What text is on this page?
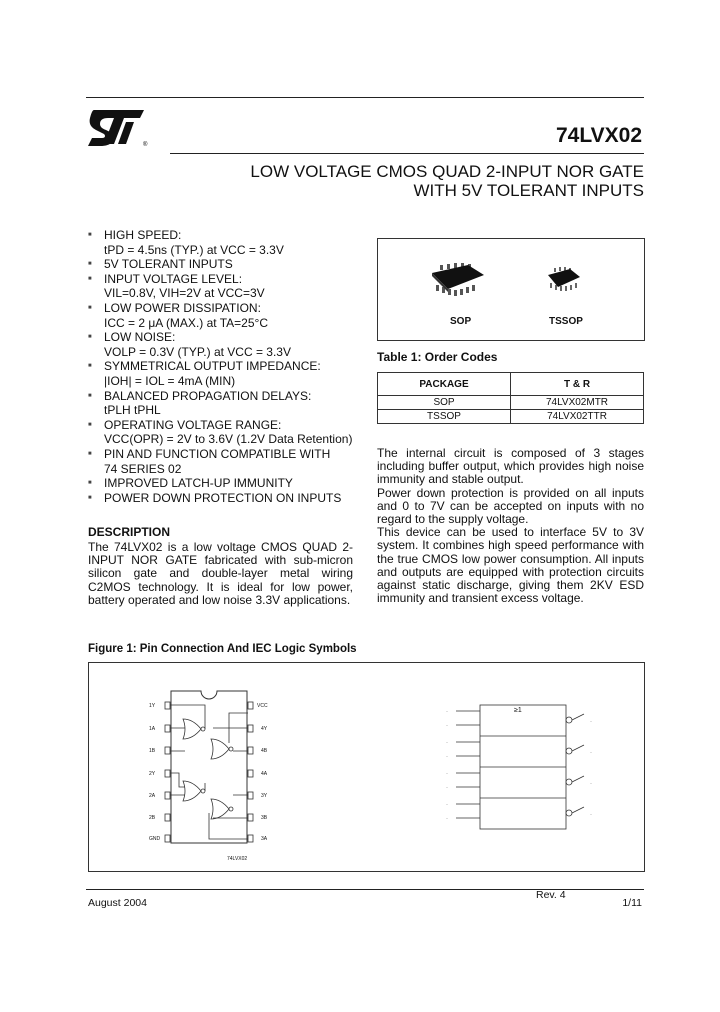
®	74LVX02
LOW VOLTAGE CMOS QUAD 2-INPUT NOR GATE
WITH 5V TOLERANT INPUTS
■	HIGH SPEED:
tPD = 4.5ns (TYP.) at VCC = 3.3V
■	5V TOLERANT INPUTS
■	INPUT VOLTAGE LEVEL:
VIL=0.8V, VIH=2V at VCC=3V
■	LOW POWER DISSIPATION:
ICC = 2 μA (MAX.) at TA=25°C
■	LOW NOISE:
VOLP = 0.3V (TYP.) at VCC = 3.3V
■	SYMMETRICAL OUTPUT IMPEDANCE:
|IOH| = IOL = 4mA (MIN)
■	BALANCED PROPAGATION DELAYS:
tPLH tPHL
■	OPERATING VOLTAGE RANGE:
VCC(OPR) = 2V to 3.6V (1.2V Data Retention)
■	PIN AND FUNCTION COMPATIBLE WITH
74 SERIES 02
■	IMPROVED LATCH-UP IMMUNITY
■	POWER DOWN PROTECTION ON INPUTS
DESCRIPTION
The 74LVX02 is a low voltage CMOS QUAD 2-INPUT NOR GATE fabricated with sub-micron silicon gate and double-layer metal wiring C2MOS technology. It is ideal for low power, battery operated and low noise 3.3V applications.
SOP	TSSOP
Table 1: Order Codes
PACKAGE	T & R
SOP	74LVX02MTR
TSSOP	74LVX02TTR
The internal circuit is composed of 3 stages including buffer output, which provides high noise immunity and stable output.
Power down protection is provided on all inputs and 0 to 7V can be accepted on inputs with no regard to the supply voltage.
This device can be used to interface 5V to 3V system. It combines high speed performance with the true CMOS low power consumption. All inputs and outputs are equipped with protection circuits against static discharge, giving them 2KV ESD immunity and transient excess voltage.
Figure 1: Pin Connection And IEC Logic Symbols
1Y
1A
1B
2Y
2A
2B
GND
VCC
4Y
4B
4A
3Y
3B
3A
74LVX02
·
·
·
·
·
·
·
·
·
·
·
·
≥1
August 2004
Rev. 4
1/11
